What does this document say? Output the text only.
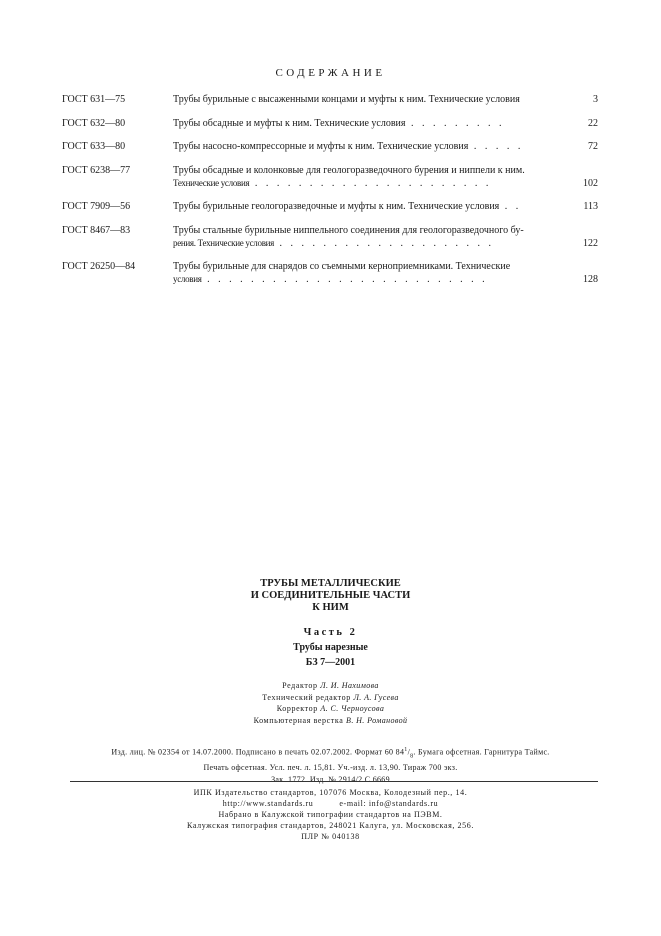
СОДЕРЖАНИЕ
ГОСТ 631—75	Трубы бурильные с высаженными концами и муфты к ним. Технические условия	3
ГОСТ 632—80	Трубы обсадные и муфты к ним. Технические условия . . . . . . . . .	22
ГОСТ 633—80	Трубы насосно-компрессорные и муфты к ним. Технические условия . . . . .	72
ГОСТ 6238—77	Трубы обсадные и колонковые для геологоразведочного бурения и ниппели к ним.
Технические условия . . . . . . . . . . . . . . . . . . . . . .	102
ГОСТ 7909—56	Трубы бурильные геологоразведочные и муфты к ним. Технические условия . .	113
ГОСТ 8467—83	Трубы стальные бурильные ниппельного соединения для геологоразведочного бу-
рения. Технические условия . . . . . . . . . . . . . . . . . . . .	122
ГОСТ 26250—84	Трубы бурильные для снарядов со съемными керноприемниками. Технические
условия . . . . . . . . . . . . . . . . . . . . . . . . . .	128
ТРУБЫ МЕТАЛЛИЧЕСКИЕ
И СОЕДИНИТЕЛЬНЫЕ ЧАСТИ
К НИМ
Часть 2
Трубы нарезные
БЗ 7—2001
Редактор Л. И. Нахимова
Технический редактор Л. А. Гусева
Корректор А. С. Черноусова
Компьютерная верстка В. Н. Романовой
Изд. лиц. № 02354 от 14.07.2000. Подписано в печать 02.07.2002. Формат 60 $84^1/_8$. Бумага офсетная. Гарнитура Таймс.
Печать офсетная. Усл. печ. л. 15,81. Уч.-изд. л. 13,90. Тираж 700 экз.
Зак. 1772. Изд. № 2914/2 С 6669
ИПК Издательство стандартов, 107076 Москва, Колодезный пер., 14.
http://www.standards.ru	e-mail: info@standards.ru
Набрано в Калужской типографии стандартов на ПЭВМ.
Калужская типография стандартов, 248021 Калуга, ул. Московская, 256.
ПЛР № 040138
